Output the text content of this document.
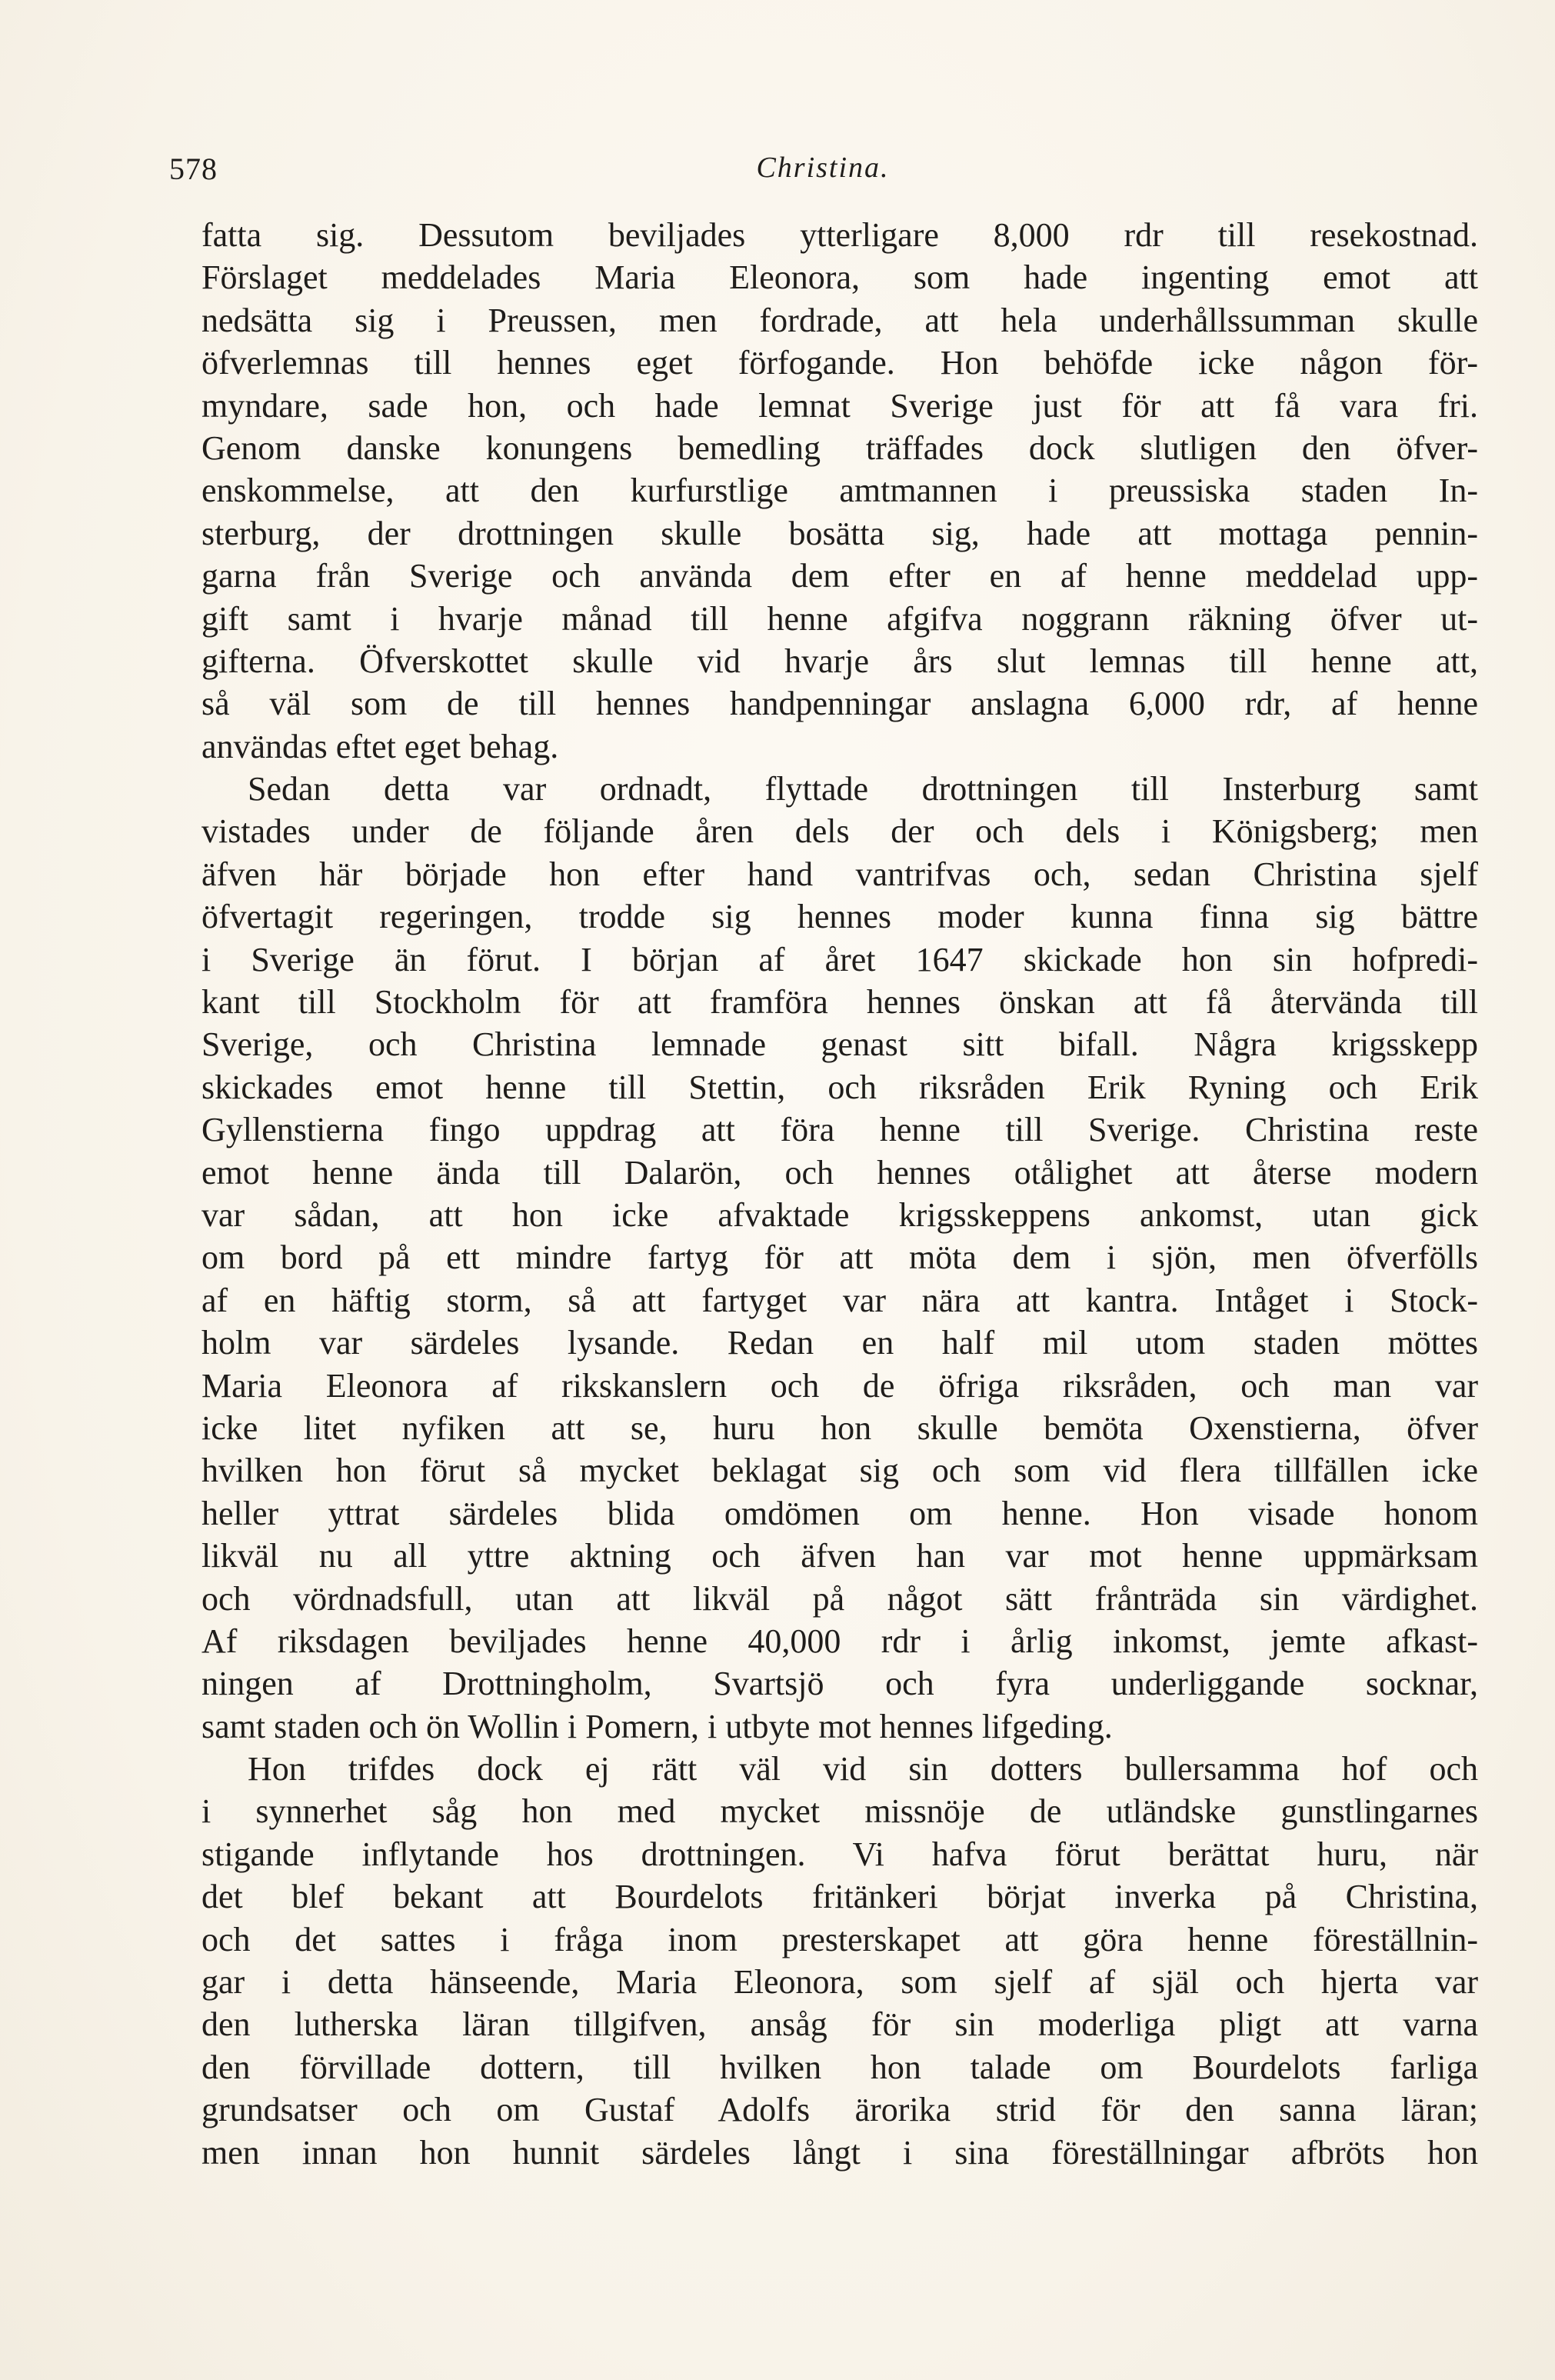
578	Christina.
fatta sig. Dessutom beviljades ytterligare 8,000 rdr till resekostnad.
Förslaget meddelades Maria Eleonora, som hade ingenting emot att
nedsätta sig i Preussen, men fordrade, att hela underhållssumman skulle
öfverlemnas till hennes eget förfogande. Hon behöfde icke någon för-
myndare, sade hon, och hade lemnat Sverige just för att få vara fri.
Genom danske konungens bemedling träffades dock slutligen den öfver-
enskommelse, att den kurfurstlige amtmannen i preussiska staden In-
sterburg, der drottningen skulle bosätta sig, hade att mottaga pennin-
garna från Sverige och använda dem efter en af henne meddelad upp-
gift samt i hvarje månad till henne afgifva noggrann räkning öfver ut-
gifterna. Öfverskottet skulle vid hvarje års slut lemnas till henne att,
så väl som de till hennes handpenningar anslagna 6,000 rdr, af henne
användas eftet eget behag.
Sedan detta var ordnadt, flyttade drottningen till Insterburg samt
vistades under de följande åren dels der och dels i Königsberg; men
äfven här började hon efter hand vantrifvas och, sedan Christina sjelf
öfvertagit regeringen, trodde sig hennes moder kunna finna sig bättre
i Sverige än förut. I början af året 1647 skickade hon sin hofpredi-
kant till Stockholm för att framföra hennes önskan att få återvända till
Sverige, och Christina lemnade genast sitt bifall. Några krigsskepp
skickades emot henne till Stettin, och riksråden Erik Ryning och Erik
Gyllenstierna fingo uppdrag att föra henne till Sverige. Christina reste
emot henne ända till Dalarön, och hennes otålighet att återse modern
var sådan, att hon icke afvaktade krigsskeppens ankomst, utan gick
om bord på ett mindre fartyg för att möta dem i sjön, men öfverfölls
af en häftig storm, så att fartyget var nära att kantra. Intåget i Stock-
holm var särdeles lysande. Redan en half mil utom staden möttes
Maria Eleonora af rikskanslern och de öfriga riksråden, och man var
icke litet nyfiken att se, huru hon skulle bemöta Oxenstierna, öfver
hvilken hon förut så mycket beklagat sig och som vid flera tillfällen icke
heller yttrat särdeles blida omdömen om henne. Hon visade honom
likväl nu all yttre aktning och äfven han var mot henne uppmärksam
och vördnadsfull, utan att likväl på något sätt frånträda sin värdighet.
Af riksdagen beviljades henne 40,000 rdr i årlig inkomst, jemte afkast-
ningen af Drottningholm, Svartsjö och fyra underliggande socknar,
samt staden och ön Wollin i Pomern, i utbyte mot hennes lifgeding.
Hon trifdes dock ej rätt väl vid sin dotters bullersamma hof och
i synnerhet såg hon med mycket missnöje de utländske gunstlingarnes
stigande inflytande hos drottningen. Vi hafva förut berättat huru, när
det blef bekant att Bourdelots fritänkeri börjat inverka på Christina,
och det sattes i fråga inom presterskapet att göra henne föreställnin-
gar i detta hänseende, Maria Eleonora, som sjelf af själ och hjerta var
den lutherska läran tillgifven, ansåg för sin moderliga pligt att varna
den förvillade dottern, till hvilken hon talade om Bourdelots farliga
grundsatser och om Gustaf Adolfs ärorika strid för den sanna läran;
men innan hon hunnit särdeles långt i sina föreställningar afbröts hon
